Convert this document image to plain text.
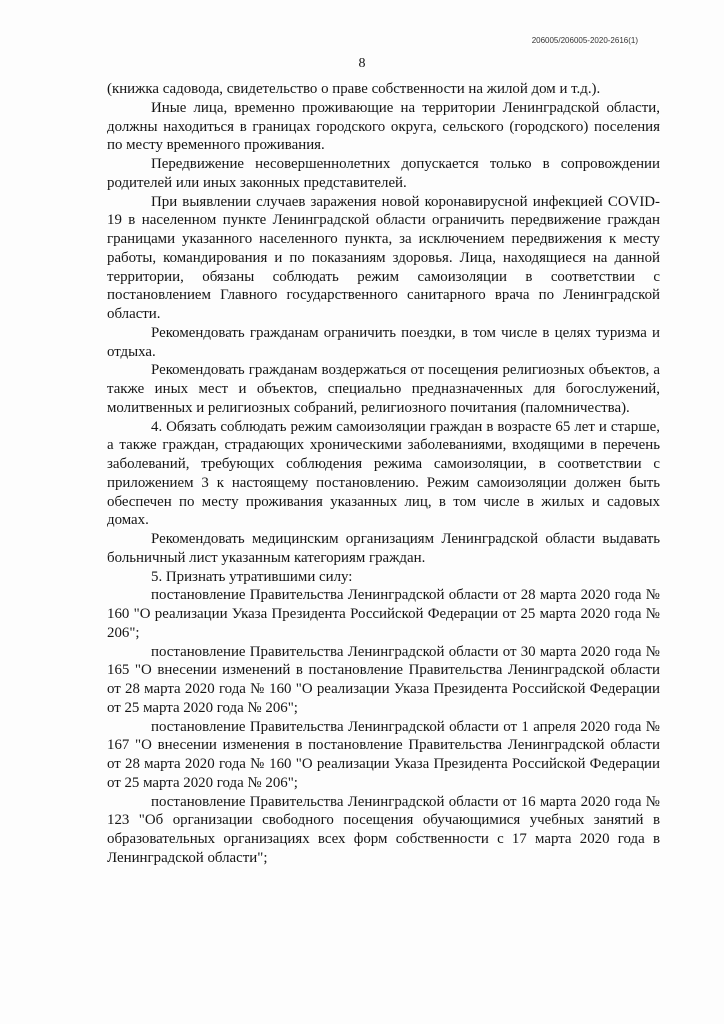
206005/206005-2020-2616(1)
8

(книжка садовода, свидетельство о праве собственности на жилой дом и т.д.).

Иные лица, временно проживающие на территории Ленинградской области, должны находиться в границах городского округа, сельского (городского) поселения по месту временного проживания.

Передвижение несовершеннолетних допускается только в сопровождении родителей или иных законных представителей.

При выявлении случаев заражения новой коронавирусной инфекцией COVID-19 в населенном пункте Ленинградской области ограничить передвижение граждан границами указанного населенного пункта, за исключением передвижения к месту работы, командирования и по показаниям здоровья. Лица, находящиеся на данной территории, обязаны соблюдать режим самоизоляции в соответствии с постановлением Главного государственного санитарного врача по Ленинградской области.

Рекомендовать гражданам ограничить поездки, в том числе в целях туризма и отдыха.

Рекомендовать гражданам воздержаться от посещения религиозных объектов, а также иных мест и объектов, специально предназначенных для богослужений, молитвенных и религиозных собраний, религиозного почитания (паломничества).

4. Обязать соблюдать режим самоизоляции граждан в возрасте 65 лет и старше, а также граждан, страдающих хроническими заболеваниями, входящими в перечень заболеваний, требующих соблюдения режима самоизоляции, в соответствии с приложением 3 к настоящему постановлению. Режим самоизоляции должен быть обеспечен по месту проживания указанных лиц, в том числе в жилых и садовых домах.

Рекомендовать медицинским организациям Ленинградской области выдавать больничный лист указанным категориям граждан.

5. Признать утратившими силу:

постановление Правительства Ленинградской области от 28 марта 2020 года № 160 "О реализации Указа Президента Российской Федерации от 25 марта 2020 года № 206";

постановление Правительства Ленинградской области от 30 марта 2020 года № 165 "О внесении изменений в постановление Правительства Ленинградской области от 28 марта 2020 года № 160 "О реализации Указа Президента Российской Федерации от 25 марта 2020 года № 206";

постановление Правительства Ленинградской области от 1 апреля 2020 года № 167 "О внесении изменения в постановление Правительства Ленинградской области от 28 марта 2020 года № 160 "О реализации Указа Президента Российской Федерации от 25 марта 2020 года № 206";

постановление Правительства Ленинградской области от 16 марта 2020 года № 123 "Об организации свободного посещения обучающимися учебных занятий в образовательных организациях всех форм собственности с 17 марта 2020 года в Ленинградской области";
